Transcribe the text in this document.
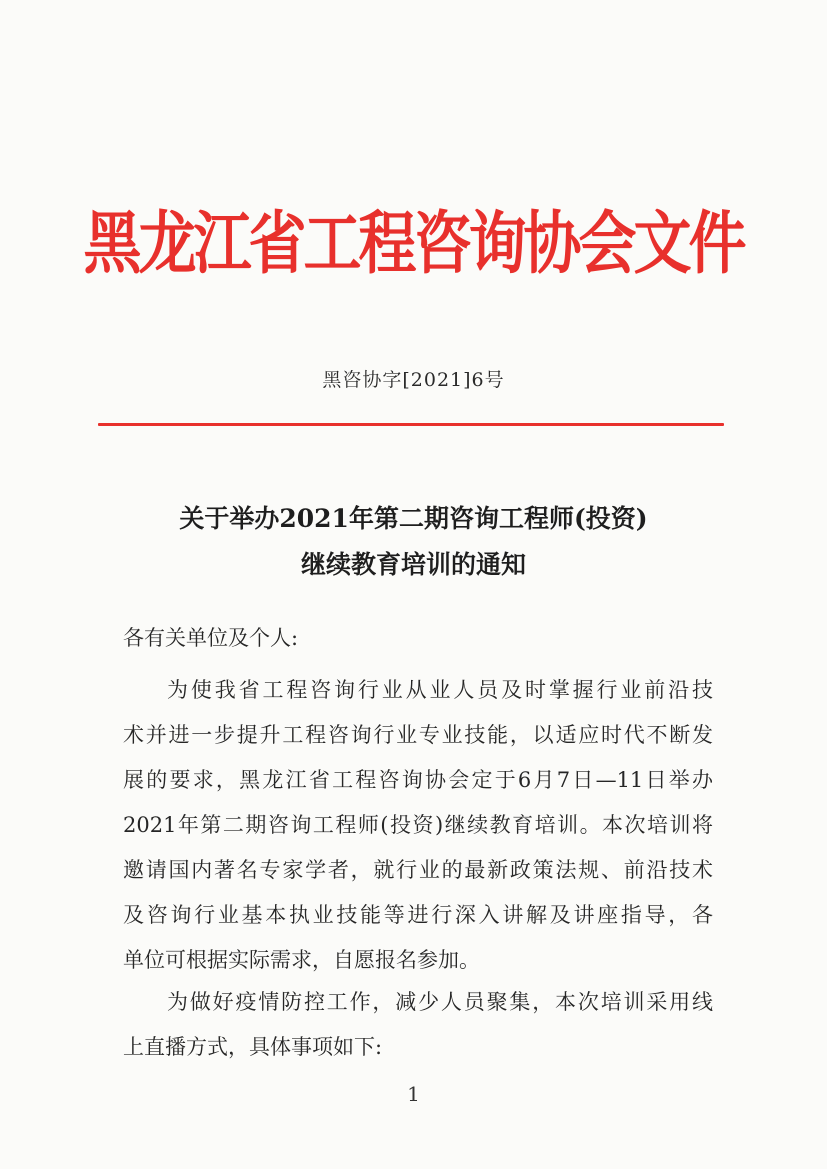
黑龙江省工程咨询协会文件
黑咨协字[2021]6号
关于举办2021年第二期咨询工程师(投资)
继续教育培训的通知
各有关单位及个人:
为使我省工程咨询行业从业人员及时掌握行业前沿技
术并进一步提升工程咨询行业专业技能，以适应时代不断发
展的要求，黑龙江省工程咨询协会定于6月7日—11日举办
2021年第二期咨询工程师(投资)继续教育培训。本次培训将
邀请国内著名专家学者，就行业的最新政策法规、前沿技术
及咨询行业基本执业技能等进行深入讲解及讲座指导，各
单位可根据实际需求，自愿报名参加。
为做好疫情防控工作，减少人员聚集，本次培训采用线
上直播方式，具体事项如下:
1
